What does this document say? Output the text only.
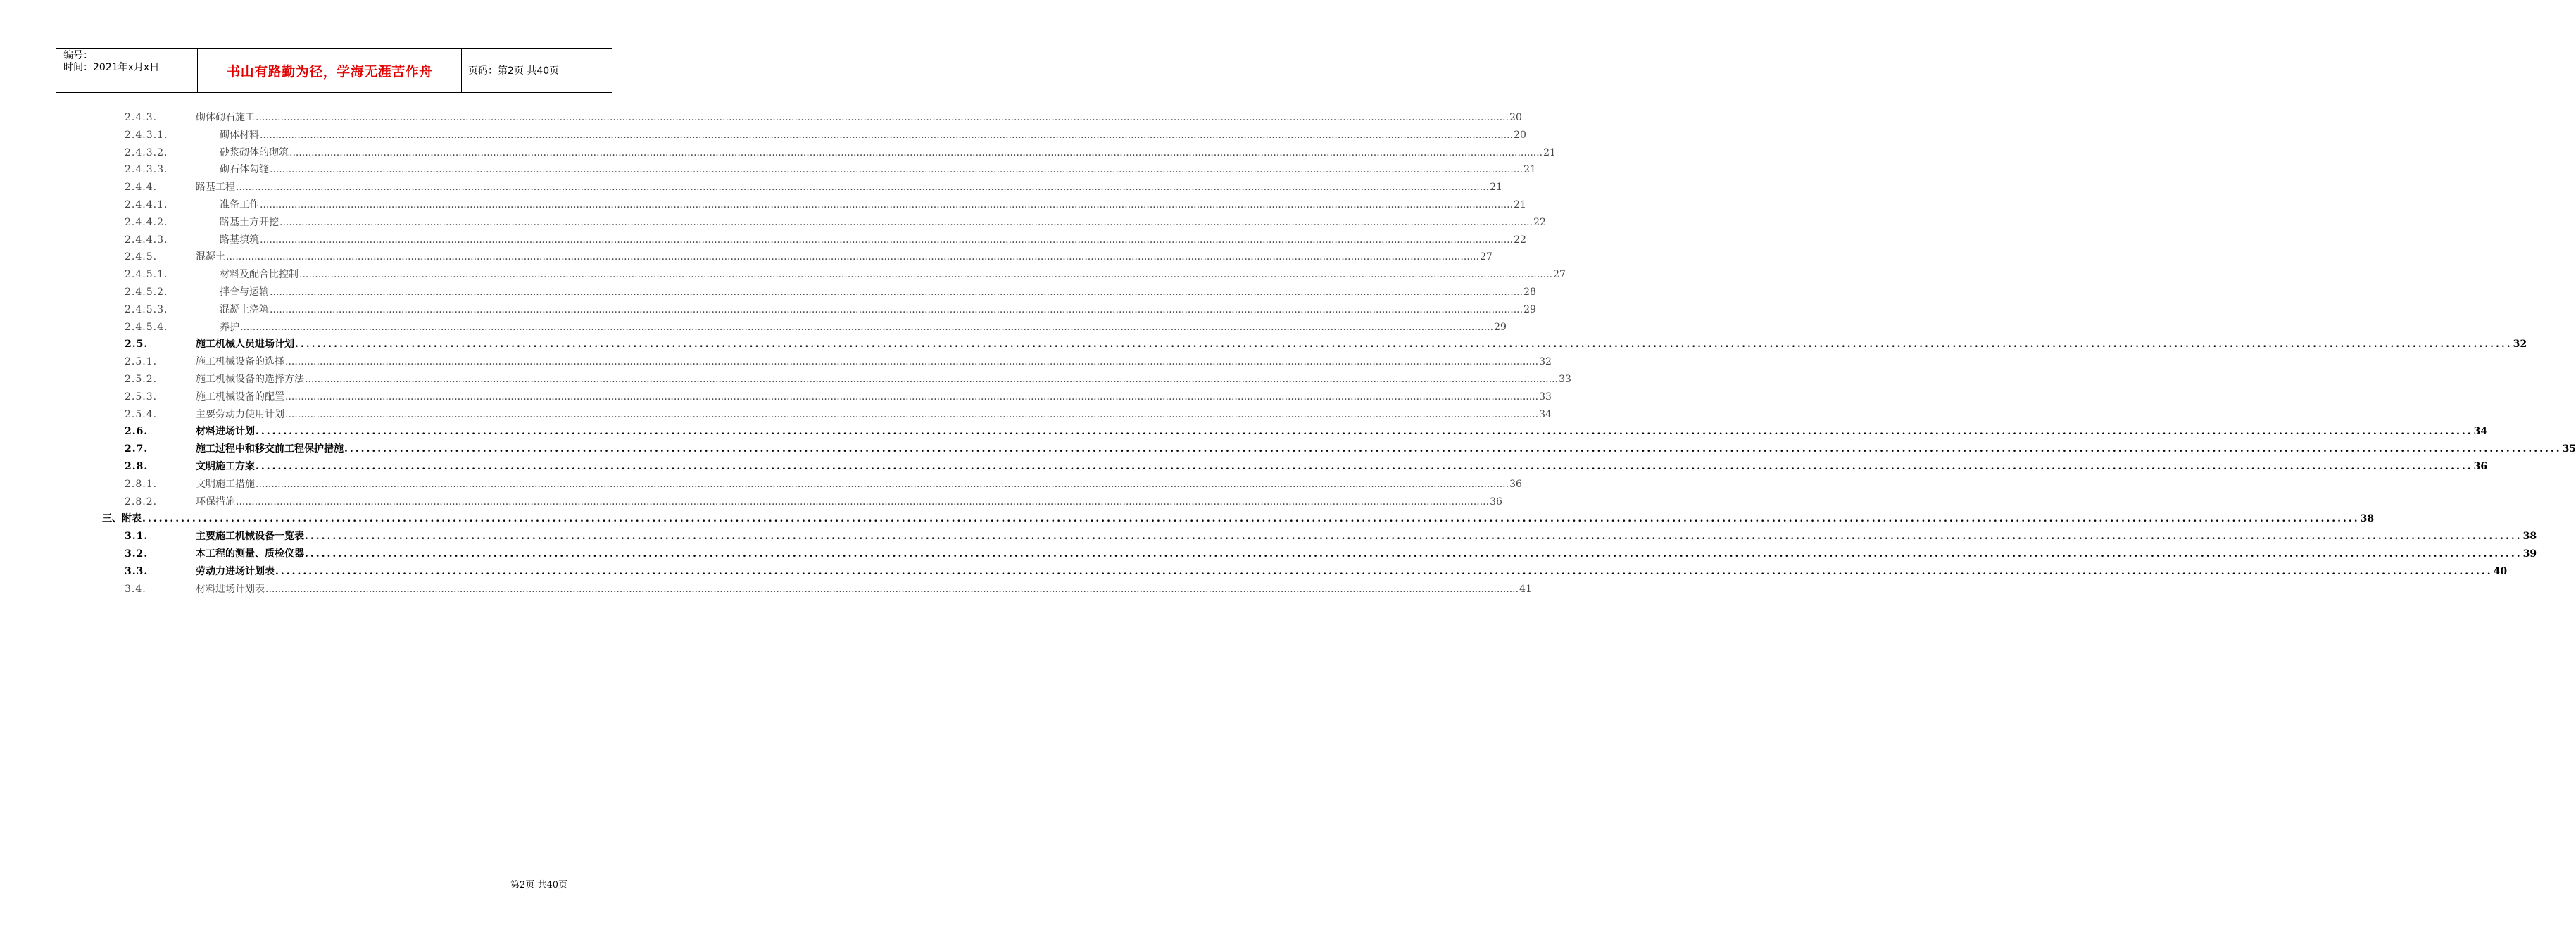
编号：
时间：2021年x月x日	书山有路勤为径，学海无涯苦作舟	页码：第2页 共40页
2.4.3.	砌体砌石施工 ................................................................................................................................................................................................................................................................................................................................................................................................................ 20
2.4.3.1.	砌体材料 ................................................................................................................................................................................................................................................................................................................................................................................................................ 20
2.4.3.2.	砂浆砌体的砌筑 ................................................................................................................................................................................................................................................................................................................................................................................................................ 21
2.4.3.3.	砌石体勾缝 ................................................................................................................................................................................................................................................................................................................................................................................................................ 21
2.4.4.	路基工程 ................................................................................................................................................................................................................................................................................................................................................................................................................ 21
2.4.4.1.	准备工作 ................................................................................................................................................................................................................................................................................................................................................................................................................ 21
2.4.4.2.	路基土方开挖 ................................................................................................................................................................................................................................................................................................................................................................................................................ 22
2.4.4.3.	路基填筑 ................................................................................................................................................................................................................................................................................................................................................................................................................ 22
2.4.5.	混凝土 ................................................................................................................................................................................................................................................................................................................................................................................................................ 27
2.4.5.1.	材料及配合比控制 ................................................................................................................................................................................................................................................................................................................................................................................................................ 27
2.4.5.2.	拌合与运输 ................................................................................................................................................................................................................................................................................................................................................................................................................ 28
2.4.5.3.	混凝土浇筑 ................................................................................................................................................................................................................................................................................................................................................................................................................ 29
2.4.5.4.	养护 ................................................................................................................................................................................................................................................................................................................................................................................................................ 29
2.5.	施工机械人员进场计划 ................................................................................................................................................................................................................................................................................................................................................................................................................ 32
2.5.1.	施工机械设备的选择 ................................................................................................................................................................................................................................................................................................................................................................................................................ 32
2.5.2.	施工机械设备的选择方法 ................................................................................................................................................................................................................................................................................................................................................................................................................ 33
2.5.3.	施工机械设备的配置 ................................................................................................................................................................................................................................................................................................................................................................................................................ 33
2.5.4.	主要劳动力使用计划 ................................................................................................................................................................................................................................................................................................................................................................................................................ 34
2.6.	材料进场计划 ................................................................................................................................................................................................................................................................................................................................................................................................................ 34
2.7.	施工过程中和移交前工程保护措施 ................................................................................................................................................................................................................................................................................................................................................................................................................ 35
2.8.	文明施工方案 ................................................................................................................................................................................................................................................................................................................................................................................................................ 36
2.8.1.	文明施工措施 ................................................................................................................................................................................................................................................................................................................................................................................................................ 36
2.8.2.	环保措施 ................................................................................................................................................................................................................................................................................................................................................................................................................ 36
三、附表 ................................................................................................................................................................................................................................................................................................................................................................................................................ 38
3.1.	主要施工机械设备一览表 ................................................................................................................................................................................................................................................................................................................................................................................................................ 38
3.2.	本工程的测量、质检仪器 ................................................................................................................................................................................................................................................................................................................................................................................................................ 39
3.3.	劳动力进场计划表 ................................................................................................................................................................................................................................................................................................................................................................................................................ 40
3.4.	材料进场计划表 ................................................................................................................................................................................................................................................................................................................................................................................................................ 41
第2页 共40页
